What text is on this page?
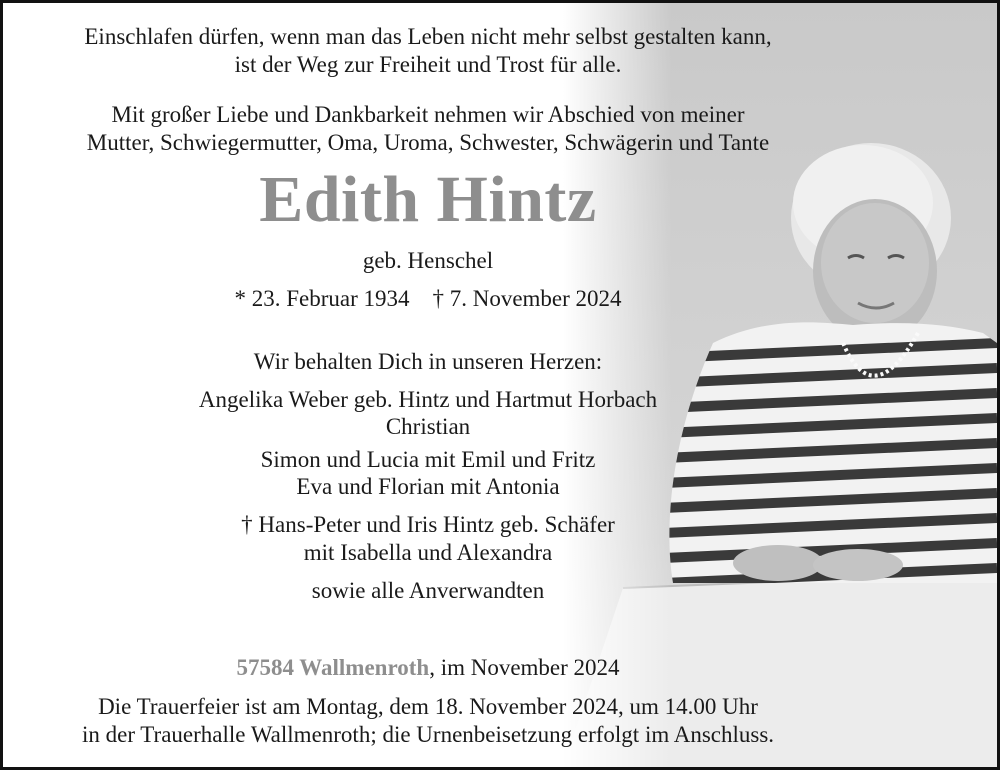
Einschlafen dürfen, wenn man das Leben nicht mehr selbst gestalten kann,
ist der Weg zur Freiheit und Trost für alle.
Mit großer Liebe und Dankbarkeit nehmen wir Abschied von meiner
Mutter, Schwiegermutter, Oma, Uroma, Schwester, Schwägerin und Tante
Edith Hintz
geb. Henschel
* 23. Februar 1934    † 7. November 2024
Wir behalten Dich in unseren Herzen:
Angelika Weber geb. Hintz und Hartmut Horbach
Christian
Simon und Lucia mit Emil und Fritz
Eva und Florian mit Antonia
† Hans-Peter und Iris Hintz geb. Schäfer
mit Isabella und Alexandra
sowie alle Anverwandten
57584 Wallmenroth, im November 2024
Die Trauerfeier ist am Montag, dem 18. November 2024, um 14.00 Uhr
in der Trauerhalle Wallmenroth; die Urnenbeisetzung erfolgt im Anschluss.
